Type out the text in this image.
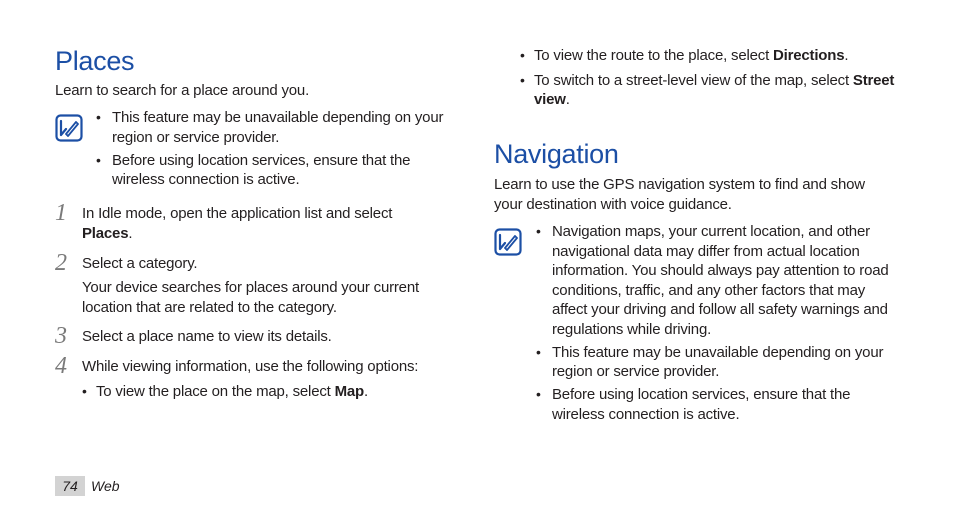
Places

Learn to search for a place around you.

• This feature may be unavailable depending on your region or service provider.
• Before using location services, ensure that the wireless connection is active.
1 In Idle mode, open the application list and select Places.

2 Select a category.

Your device searches for places around your current location that are related to the category.

3 Select a place name to view its details.

4 While viewing information, use the following options:

• To view the place on the map, select Map.
• To view the route to the place, select Directions.
• To switch to a street-level view of the map, select Street view.
Navigation

Learn to use the GPS navigation system to find and show your destination with voice guidance.

• Navigation maps, your current location, and other navigational data may differ from actual location information. You should always pay attention to road conditions, traffic, and any other factors that may affect your driving and follow all safety warnings and regulations while driving.
• This feature may be unavailable depending on your region or service provider.
• Before using location services, ensure that the wireless connection is active.
74 Web
